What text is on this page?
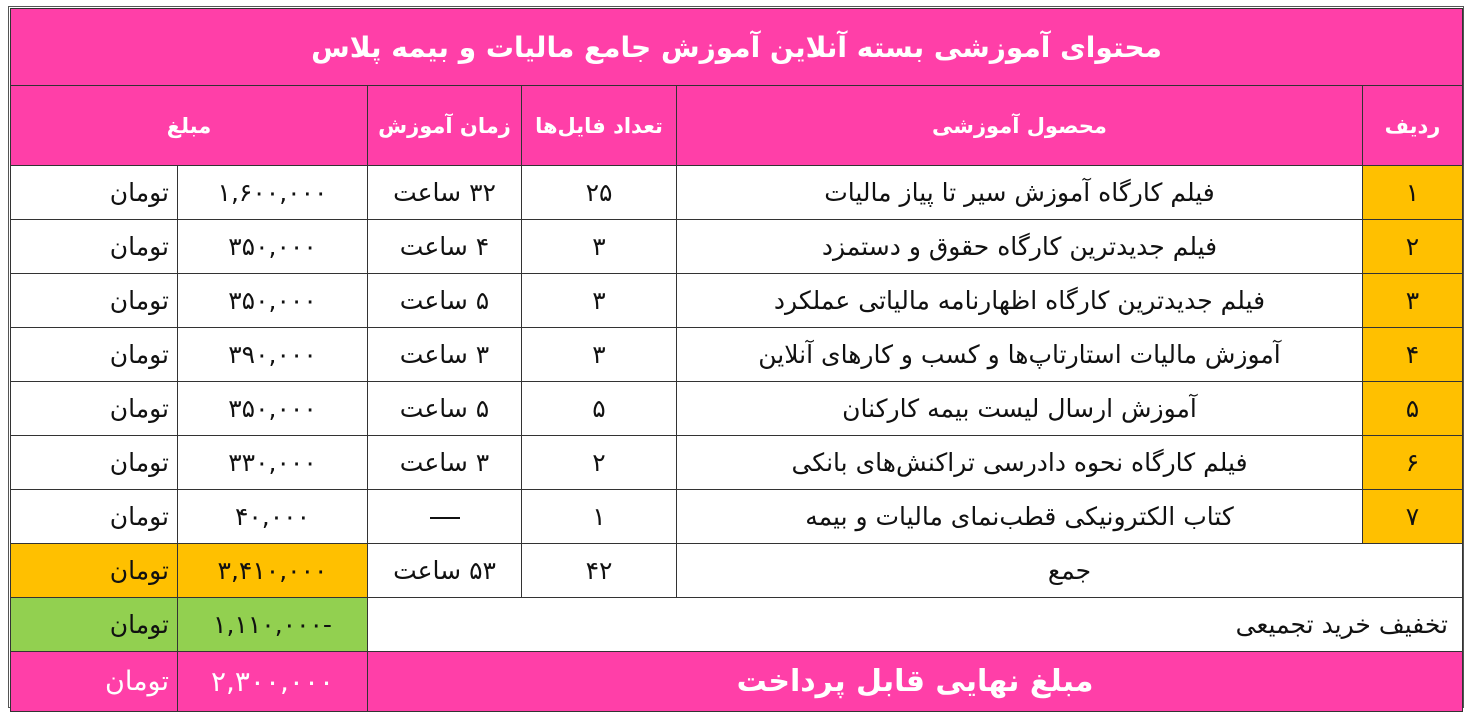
محتوای آموزشی بسته آنلاین آموزش جامع مالیات و بیمه پلاس					
مبلغ		زمان آموزش	تعداد فایل‌ها	محصول آموزشی	ردیف
تومان	۱,۶۰۰,۰۰۰	۳۲ ساعت	۲۵	فیلم کارگاه آموزش سیر تا پیاز مالیات	۱
تومان	۳۵۰,۰۰۰	۴ ساعت	۳	فیلم جدیدترین کارگاه حقوق و دستمزد	۲
تومان	۳۵۰,۰۰۰	۵ ساعت	۳	فیلم جدیدترین کارگاه اظهارنامه مالیاتی عملکرد	۳
تومان	۳۹۰,۰۰۰	۳ ساعت	۳	آموزش مالیات استارتاپ‌ها و کسب و کارهای آنلاین	۴
تومان	۳۵۰,۰۰۰	۵ ساعت	۵	آموزش ارسال لیست بیمه کارکنان	۵
تومان	۳۳۰,۰۰۰	۳ ساعت	۲	فیلم کارگاه نحوه دادرسی تراکنش‌های بانکی	۶
تومان	۴۰,۰۰۰		۱	کتاب الکترونیکی قطب‌نمای مالیات و بیمه	۷
تومان	۳,۴۱۰,۰۰۰	۵۳ ساعت	۴۲	جمع	
تومان	-۱,۱۱۰,۰۰۰	تخفیف خرید تجمیعی			
تومان	۲,۳۰۰,۰۰۰	مبلغ نهایی قابل پرداخت			
